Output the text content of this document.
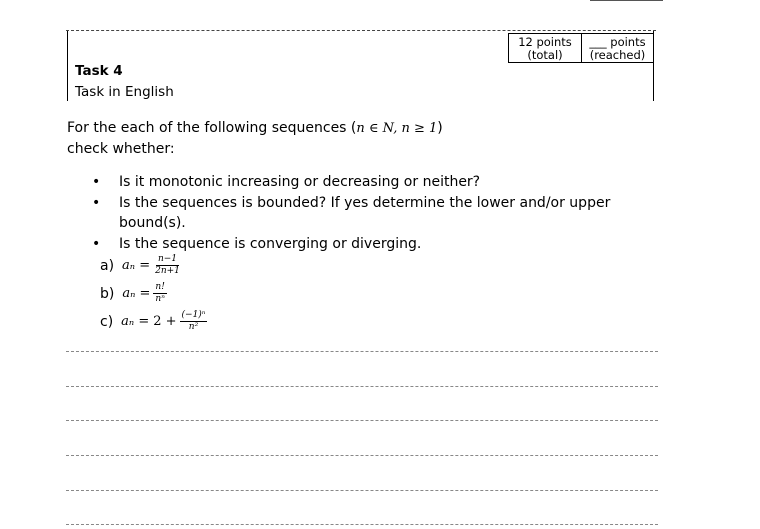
12 points
(total)
___ points
(reached)
Task 4
Task in English
For the each of the following sequences (n ∈ N, n ≥ 1)
check whether:
• Is it monotonic increasing or decreasing or neither?
• Is the sequences is bounded? If yes determine the lower and/or upper bound(s).
• Is the sequence is converging or diverging.
a) $a_n = \frac{n-1}{2n+1}$
b) $a_n = \frac{n!}{\text{nⁿ}}$
c) $a_n = 2 + \frac{\text{(−1)ⁿ}}{\text{n²}}$
